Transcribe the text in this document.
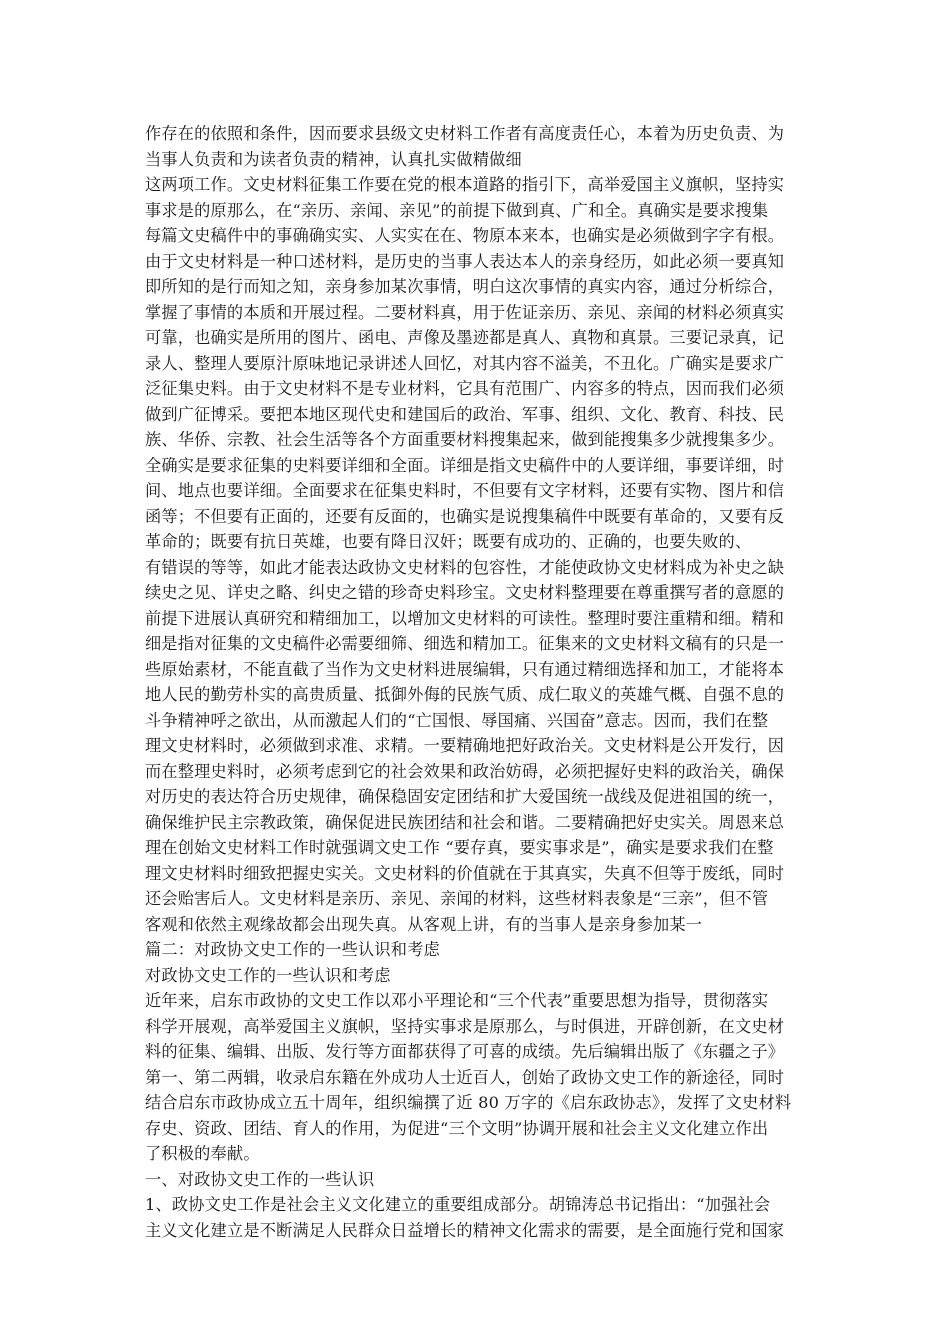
作存在的依照和条件，因而要求县级文史材料工作者有高度责任心，本着为历史负责、为
当事人负责和为读者负责的精神，认真扎实做精做细
这两项工作。文史材料征集工作要在党的根本道路的指引下，高举爱国主义旗帜，坚持实
事求是的原那么，在“亲历、亲闻、亲见”的前提下做到真、广和全。真确实是要求搜集
每篇文史稿件中的事确确实实、人实实在在、物原本来本，也确实是必须做到字字有根。
由于文史材料是一种口述材料，是历史的当事人表达本人的亲身经历，如此必须一要真知
即所知的是行而知之知，亲身参加某次事情，明白这次事情的真实内容，通过分析综合，
掌握了事情的本质和开展过程。二要材料真，用于佐证亲历、亲见、亲闻的材料必须真实
可靠，也确实是所用的图片、函电、声像及墨迹都是真人、真物和真景。三要记录真，记
录人、整理人要原汁原味地记录讲述人回忆，对其内容不溢美，不丑化。广确实是要求广
泛征集史料。由于文史材料不是专业材料，它具有范围广、内容多的特点，因而我们必须
做到广征博采。要把本地区现代史和建国后的政治、军事、组织、文化、教育、科技、民
族、华侨、宗教、社会生活等各个方面重要材料搜集起来，做到能搜集多少就搜集多少。
全确实是要求征集的史料要详细和全面。详细是指文史稿件中的人要详细，事要详细，时
间、地点也要详细。全面要求在征集史料时，不但要有文字材料，还要有实物、图片和信
函等；不但要有正面的，还要有反面的，也确实是说搜集稿件中既要有革命的，又要有反
革命的；既要有抗日英雄，也要有降日汉奸；既要有成功的、正确的，也要失败的、
有错误的等等，如此才能表达政协文史材料的包容性，才能使政协文史材料成为补史之缺
续史之见、详史之略、纠史之错的珍奇史料珍宝。文史材料整理要在尊重撰写者的意愿的
前提下进展认真研究和精细加工，以增加文史材料的可读性。整理时要注重精和细。精和
细是指对征集的文史稿件必需要细筛、细选和精加工。征集来的文史材料文稿有的只是一
些原始素材，不能直截了当作为文史材料进展编辑，只有通过精细选择和加工，才能将本
地人民的勤劳朴实的高贵质量、抵御外侮的民族气质、成仁取义的英雄气概、自强不息的
斗争精神呼之欲出，从而激起人们的“亡国恨、辱国痛、兴国奋”意志。因而，我们在整
理文史材料时，必须做到求准、求精。一要精确地把好政治关。文史材料是公开发行，因
而在整理史料时，必须考虑到它的社会效果和政治妨碍，必须把握好史料的政治关，确保
对历史的表达符合历史规律，确保稳固安定团结和扩大爱国统一战线及促进祖国的统一，
确保维护民主宗教政策，确保促进民族团结和社会和谐。二要精确把好史实关。周恩来总
理在创始文史材料工作时就强调文史工作 “要存真，要实事求是”，确实是要求我们在整
理文史材料时细致把握史实关。文史材料的价值就在于其真实，失真不但等于废纸，同时
还会贻害后人。文史材料是亲历、亲见、亲闻的材料，这些材料表象是“三亲”，但不管
客观和依然主观缘故都会出现失真。从客观上讲，有的当事人是亲身参加某一
篇二：对政协文史工作的一些认识和考虑
对政协文史工作的一些认识和考虑
近年来，启东市政协的文史工作以邓小平理论和“三个代表”重要思想为指导，贯彻落实
科学开展观，高举爱国主义旗帜，坚持实事求是原那么，与时俱进，开辟创新，在文史材
料的征集、编辑、出版、发行等方面都获得了可喜的成绩。先后编辑出版了《东疆之子》
第一、第二两辑，收录启东籍在外成功人士近百人，创始了政协文史工作的新途径，同时
结合启东市政协成立五十周年，组织编撰了近 80 万字的《启东政协志》，发挥了文史材料
存史、资政、团结、育人的作用，为促进“三个文明”协调开展和社会主义文化建立作出
了积极的奉献。
一、对政协文史工作的一些认识
1、政协文史工作是社会主义文化建立的重要组成部分。胡锦涛总书记指出：“加强社会
主义文化建立是不断满足人民群众日益增长的精神文化需求的需要，是全面施行党和国家
